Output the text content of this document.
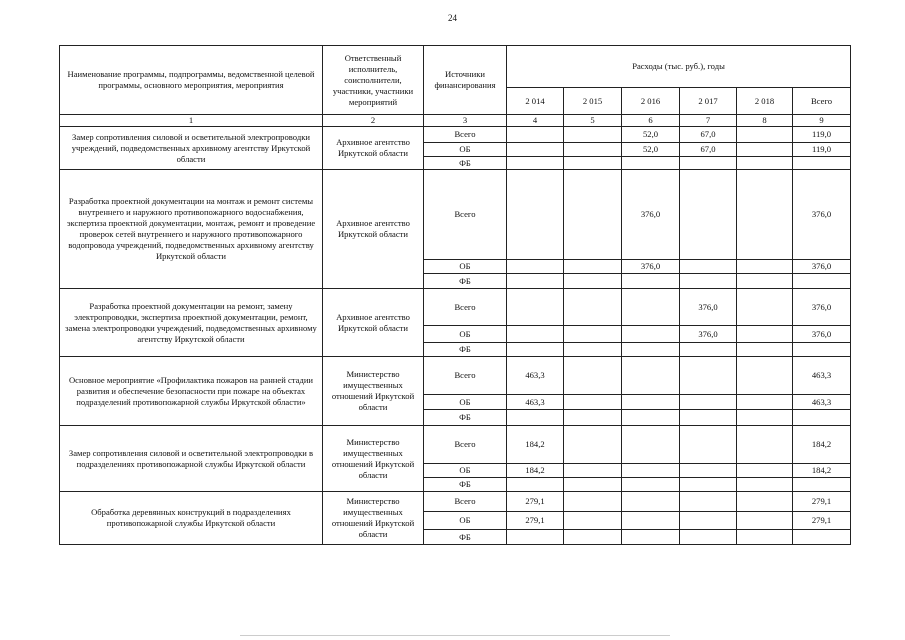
24
Наименование программы, подпрограммы, ведомственной целевой программы, основного мероприятия, мероприятия	Ответственный исполнитель, соисполнители, участники, участники мероприятий	Источники финансирования	Расходы (тыс. руб.), годы					
			2 014	2 015	2 016	2 017	2 018	Всего
1	2	3	4	5	6	7	8	9
Замер сопротивления силовой и осветительной электропроводки учреждений, подведомственных архивному агентству Иркутской области	Архивное агентство Иркутской области	Всего			52,0	67,0		119,0
		ОБ			52,0	67,0		119,0
		ФБ						
Разработка проектной документации на монтаж и ремонт системы внутреннего и наружного противопожарного водоснабжения, экспертиза проектной документации, монтаж, ремонт и проведение проверок сетей внутреннего и наружного противопожарного водопровода учреждений, подведомственных архивному агентству Иркутской области	Архивное агентство Иркутской области	Всего			376,0			376,0
		ОБ			376,0			376,0
		ФБ						
Разработка проектной документации на ремонт, замену электропроводки, экспертиза проектной документации, ремонт, замена электропроводки учреждений, подведомственных архивному агентству Иркутской области	Архивное агентство Иркутской области	Всего				376,0		376,0
		ОБ				376,0		376,0
		ФБ						
Основное мероприятие «Профилактика пожаров на ранней стадии развития и обеспечение безопасности при пожаре на объектах подразделений противопожарной службы Иркутской области»	Министерство имущественных отношений Иркутской области	Всего	463,3					463,3
		ОБ	463,3					463,3
		ФБ						
Замер сопротивления силовой и осветительной электропроводки в подразделениях противопожарной службы Иркутской области	Министерство имущественных отношений Иркутской области	Всего	184,2					184,2
		ОБ	184,2					184,2
		ФБ						
Обработка деревянных конструкций в подразделениях противопожарной службы Иркутской области	Министерство имущественных отношений Иркутской области	Всего	279,1					279,1
		ОБ	279,1					279,1
		ФБ						
